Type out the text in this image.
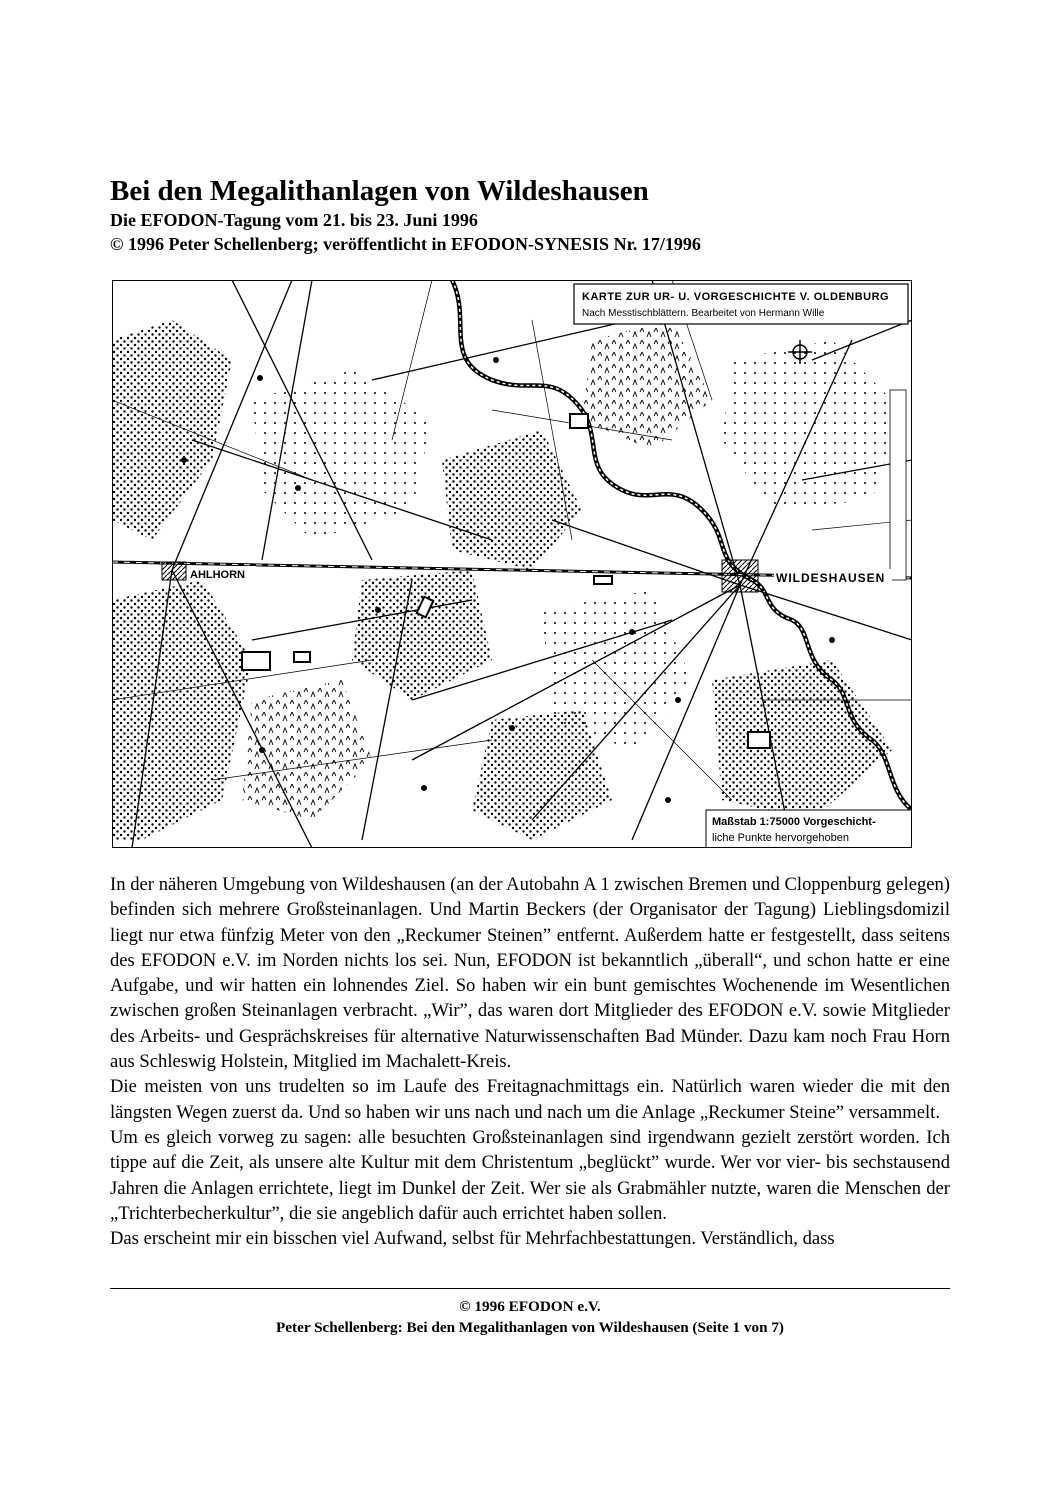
Bei den Megalithanlagen von Wildeshausen
Die EFODON-Tagung vom 21. bis 23. Juni 1996
© 1996 Peter Schellenberg; veröffentlicht in EFODON-SYNESIS Nr. 17/1996
KARTE ZUR UR- U. VORGESCHICHTE V. OLDENBURG
Nach Messtischblättern. Bearbeitet von Hermann Wille
WILDESHAUSEN
AHLHORN
Maßstab 1:75000 Vorgeschicht-
liche Punkte hervorgehoben

In der näheren Umgebung von Wildeshausen (an der Autobahn A 1 zwischen Bremen und Cloppenburg gelegen) befinden sich mehrere Großsteinanlagen. Und Martin Beckers (der Organisator der Tagung) Lieblingsdomizil liegt nur etwa fünfzig Meter von den „Reckumer Steinen” entfernt. Außerdem hatte er festgestellt, dass seitens des EFODON e.V. im Norden nichts los sei. Nun, EFODON ist bekanntlich „überall“, und schon hatte er eine Aufgabe, und wir hatten ein lohnendes Ziel. So haben wir ein bunt gemischtes Wochenende im Wesentlichen zwischen großen Steinanlagen verbracht. „Wir”, das waren dort Mitglieder des EFODON e.V. sowie Mitglieder des Arbeits- und Gesprächskreises für alternative Naturwissenschaften Bad Münder. Dazu kam noch Frau Horn aus Schleswig Holstein, Mitglied im Machalett-Kreis.

Die meisten von uns trudelten so im Laufe des Freitagnachmittags ein. Natürlich waren wieder die mit den längsten Wegen zuerst da. Und so haben wir uns nach und nach um die Anlage „Reckumer Steine” versammelt.

Um es gleich vorweg zu sagen: alle besuchten Großsteinanlagen sind irgendwann gezielt zerstört worden. Ich tippe auf die Zeit, als unsere alte Kultur mit dem Christentum „beglückt” wurde. Wer vor vier- bis sechstausend Jahren die Anlagen errichtete, liegt im Dunkel der Zeit. Wer sie als Grabmähler nutzte, waren die Menschen der „Trichterbecherkultur”, die sie angeblich dafür auch errichtet haben sollen.

Das erscheint mir ein bisschen viel Aufwand, selbst für Mehrfachbestattungen. Verständlich, dass

© 1996 EFODON e.V.
Peter Schellenberg: Bei den Megalithanlagen von Wildeshausen (Seite 1 von 7)
